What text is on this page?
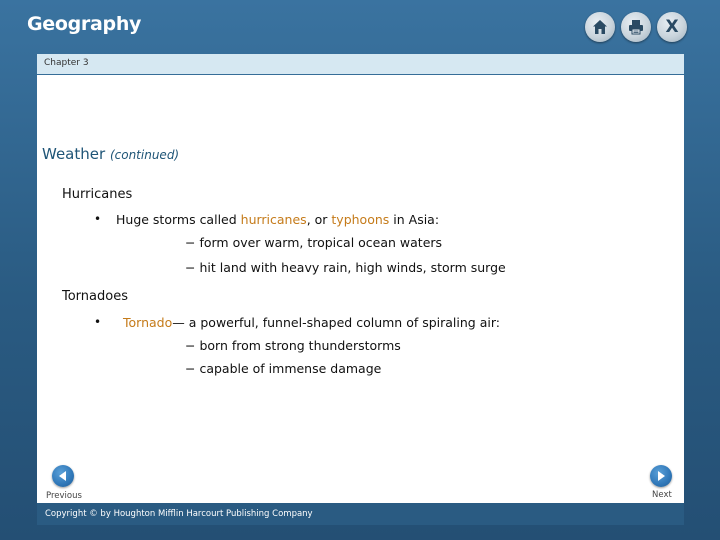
Geography	X
Chapter 3
Weather (continued)
Hurricanes
• Huge storms called hurricanes, or typhoons in Asia:
− form over warm, tropical ocean waters
− hit land with heavy rain, high winds, storm surge
Tornadoes
• Tornado— a powerful, funnel-shaped column of spiraling air:
− born from strong thunderstorms
− capable of immense damage
Previous	Next
Copyright © by Houghton Mifflin Harcourt Publishing Company
